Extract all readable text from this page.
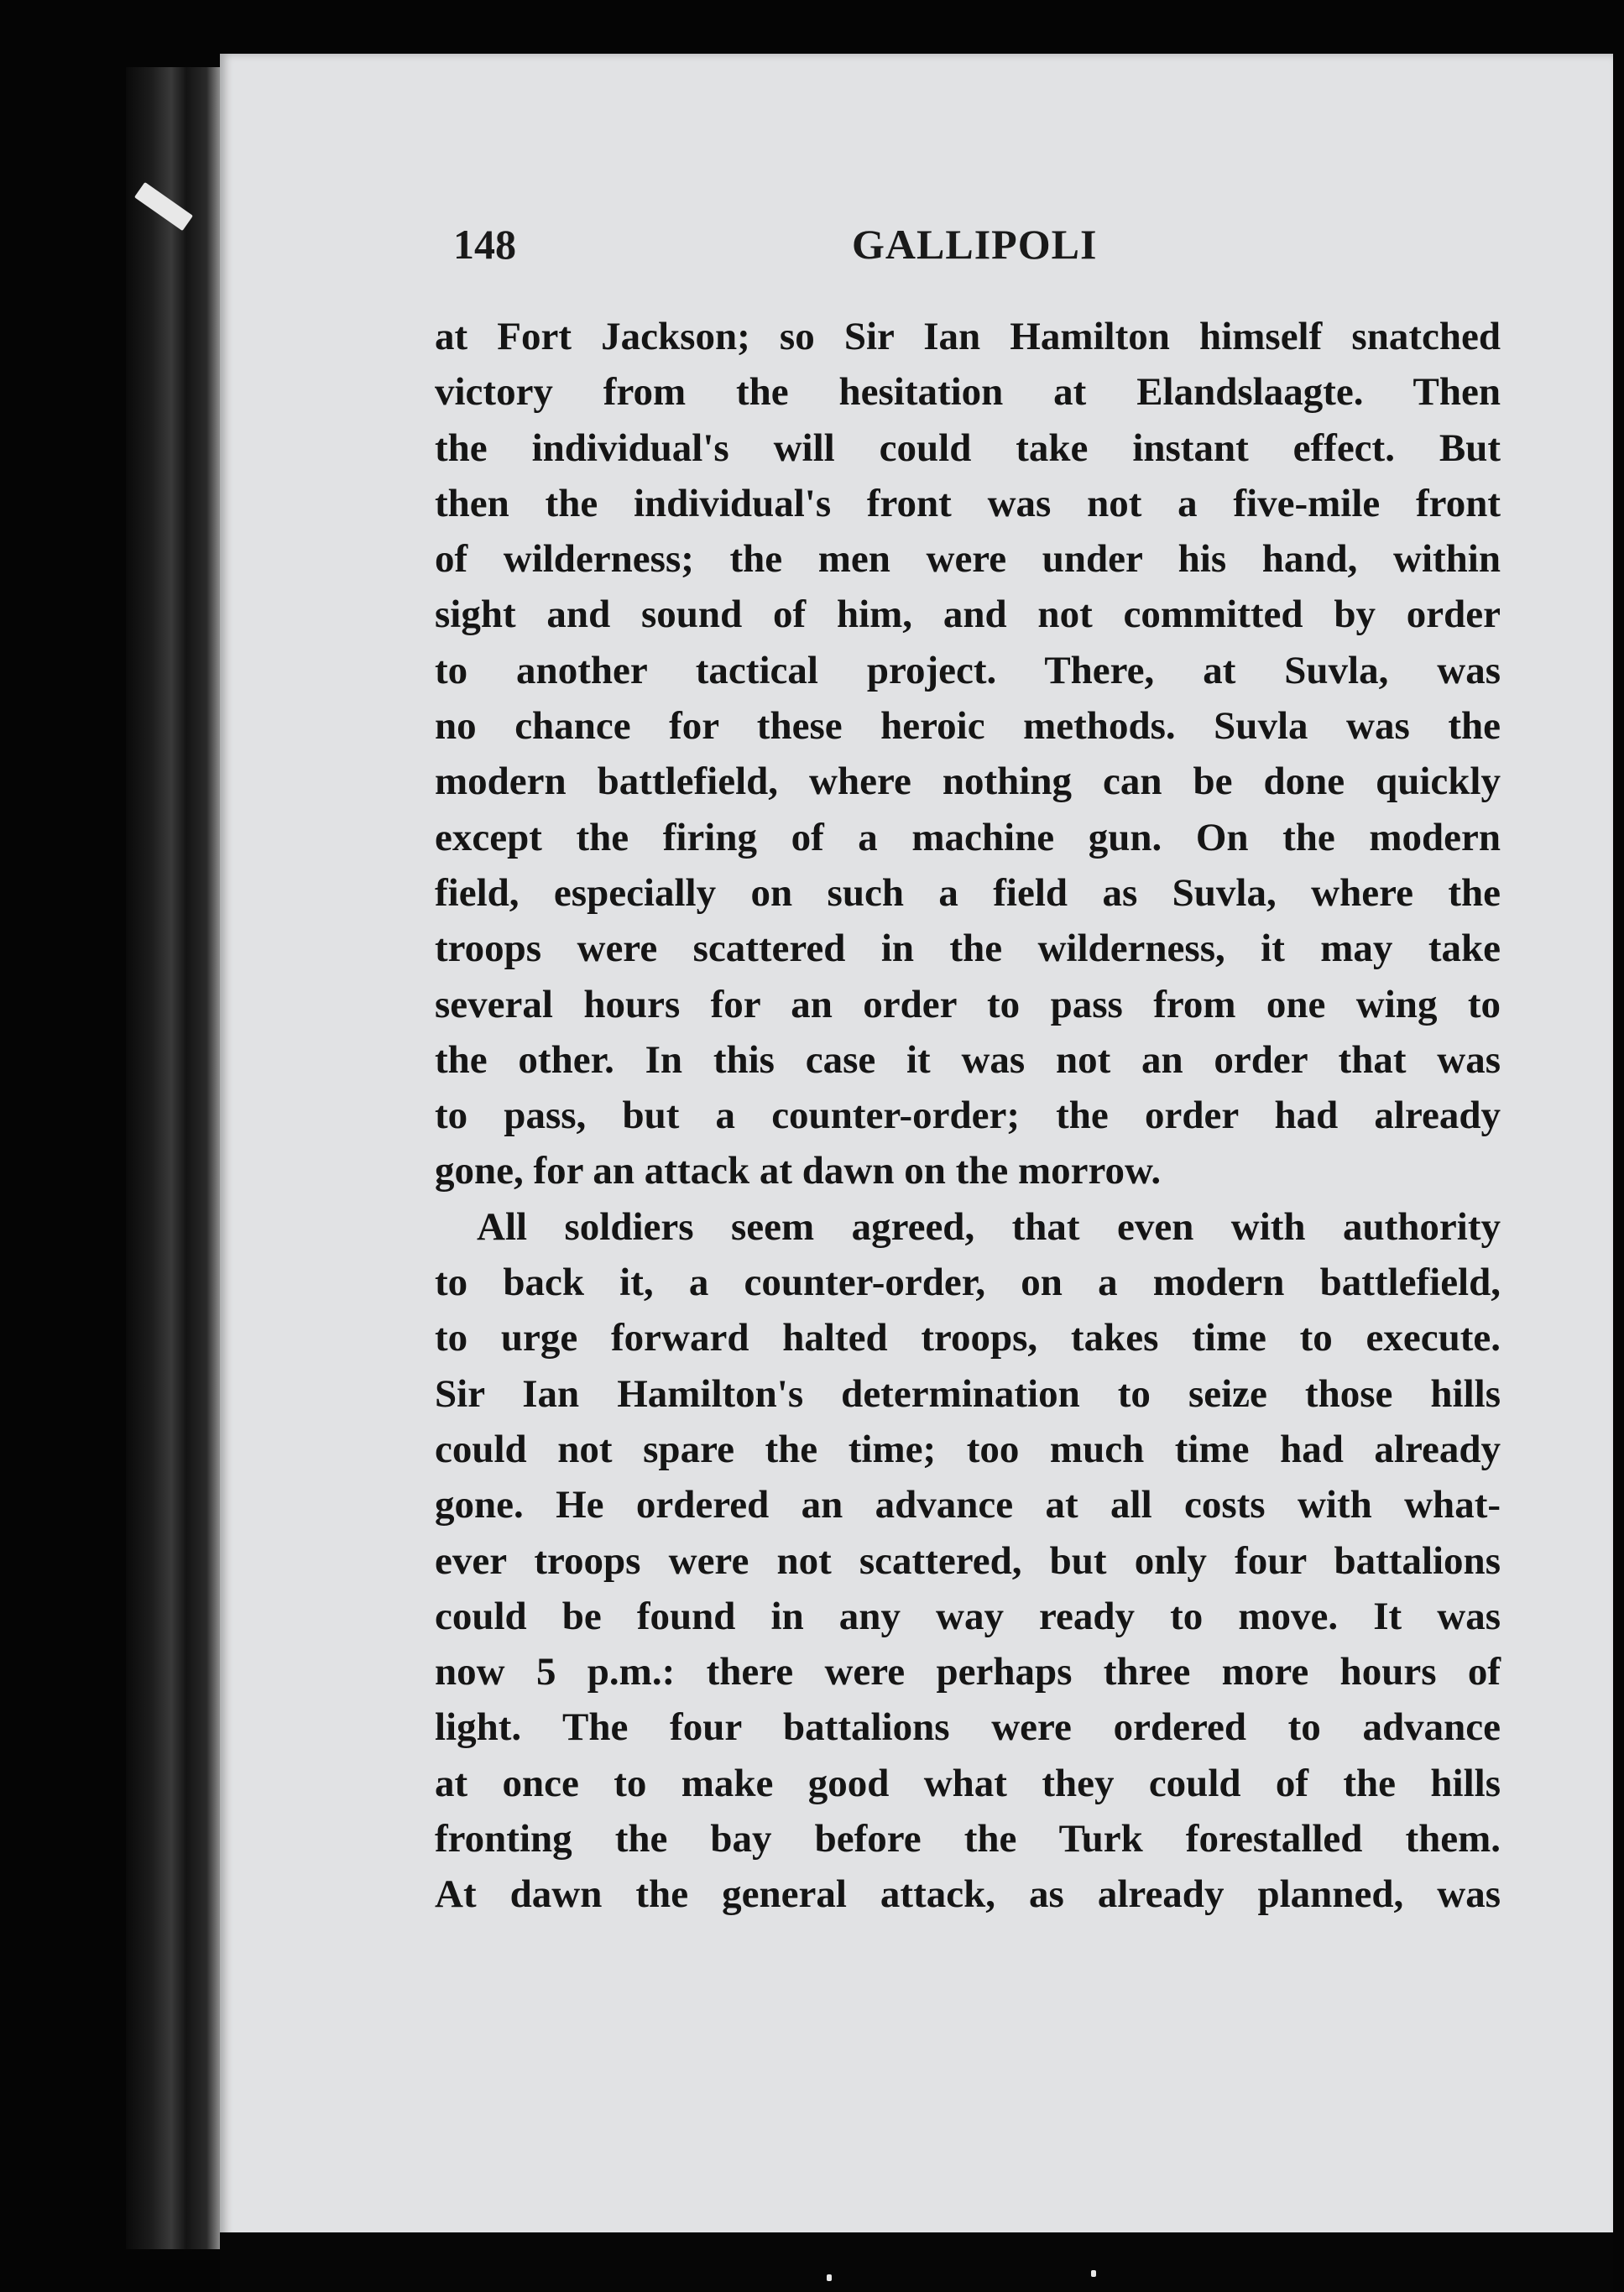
148	GALLIPOLI
at Fort Jackson; so Sir Ian Hamilton himself snatched
victory from the hesitation at Elandslaagte. Then
the individual's will could take instant effect. But
then the individual's front was not a five-mile front
of wilderness; the men were under his hand, within
sight and sound of him, and not committed by order
to another tactical project. There, at Suvla, was
no chance for these heroic methods. Suvla was the
modern battlefield, where nothing can be done quickly
except the firing of a machine gun. On the modern
field, especially on such a field as Suvla, where the
troops were scattered in the wilderness, it may take
several hours for an order to pass from one wing to
the other. In this case it was not an order that was
to pass, but a counter-order; the order had already
gone, for an attack at dawn on the morrow.
All soldiers seem agreed, that even with authority
to back it, a counter-order, on a modern battlefield,
to urge forward halted troops, takes time to execute.
Sir Ian Hamilton's determination to seize those hills
could not spare the time; too much time had already
gone. He ordered an advance at all costs with what-
ever troops were not scattered, but only four battalions
could be found in any way ready to move. It was
now 5 p.m.: there were perhaps three more hours of
light. The four battalions were ordered to advance
at once to make good what they could of the hills
fronting the bay before the Turk forestalled them.
At dawn the general attack, as already planned, was
